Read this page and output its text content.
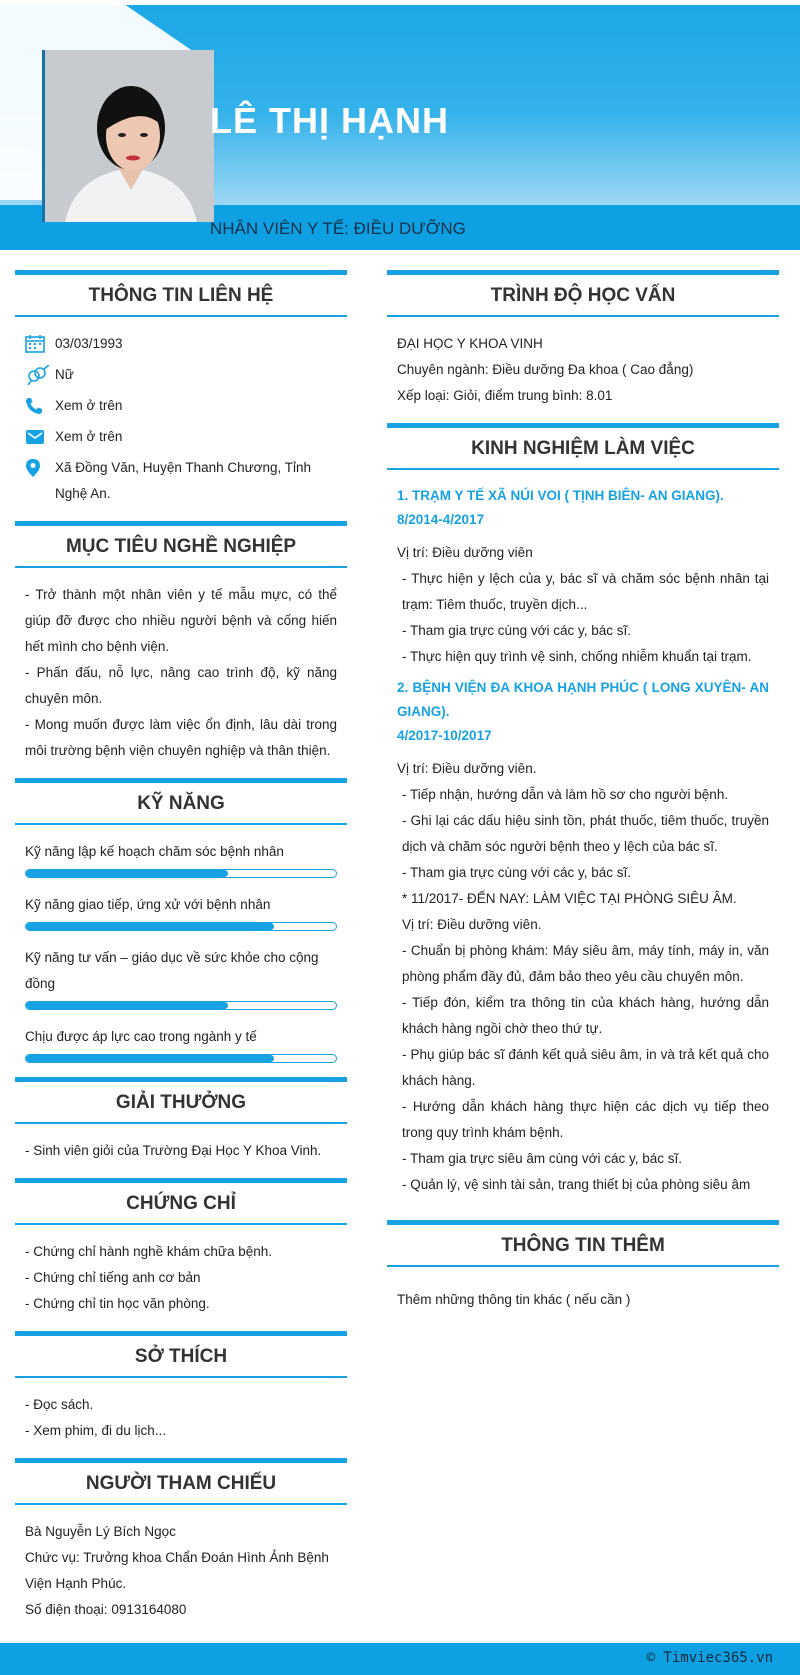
LÊ THỊ HẠNH
NHÂN VIÊN Y TẾ: ĐIỀU DƯỠNG
THÔNG TIN LIÊN HỆ
03/03/1993
Nữ
Xem ở trên
Xem ở trên
Xã Đồng Văn, Huyện Thanh Chương, Tỉnh Nghệ An.
MỤC TIÊU NGHỀ NGHIỆP
- Trở thành một nhân viên y tế mẫu mực, có thể giúp đỡ được cho nhiều người bệnh và cống hiến hết mình cho bệnh viện.
- Phấn đấu, nỗ lực, nâng cao trình độ, kỹ năng chuyên môn.
- Mong muốn được làm việc ổn định, lâu dài trong môi trường bệnh viện chuyên nghiệp và thân thiện.
KỸ NĂNG
Kỹ năng lập kế hoạch chăm sóc bệnh nhân
Kỹ năng giao tiếp, ứng xử với bệnh nhân
Kỹ năng tư vấn – giáo dục về sức khỏe cho cộng đồng
Chịu được áp lực cao trong ngành y tế
GIẢI THƯỞNG
- Sinh viên giỏi của Trường Đại Học Y Khoa Vinh.
CHỨNG CHỈ
- Chứng chỉ hành nghề khám chữa bệnh.
- Chứng chỉ tiếng anh cơ bản
- Chứng chỉ tin học văn phòng.
SỞ THÍCH
- Đọc sách.
- Xem phim, đi du lịch...
NGƯỜI THAM CHIẾU
Bà Nguyễn Lý Bích Ngọc
Chức vụ: Trưởng khoa Chẩn Đoán Hình Ảnh Bệnh Viện Hạnh Phúc.
Số điện thoại: 0913164080
TRÌNH ĐỘ HỌC VẤN
ĐẠI HỌC Y KHOA VINH
Chuyên ngành: Điều dưỡng Đa khoa ( Cao đẳng)
Xếp loại: Giỏi, điểm trung bình: 8.01
KINH NGHIỆM LÀM VIỆC
1. TRẠM Y TẾ XÃ NÚI VOI ( TỊNH BIÊN- AN GIANG).
8/2014-4/2017
Vị trí: Điều dưỡng viên
- Thực hiện y lệch của y, bác sĩ và chăm sóc bệnh nhân tại trạm: Tiêm thuốc, truyền dịch...
- Tham gia trực cùng với các y, bác sĩ.
- Thực hiện quy trình vệ sinh, chống nhiễm khuẩn tại trạm.
2. BỆNH VIỆN ĐA KHOA HẠNH PHÚC ( LONG XUYÊN- AN GIANG).
4/2017-10/2017
Vị trí: Điều dưỡng viên.
- Tiếp nhận, hướng dẫn và làm hồ sơ cho người bệnh.
- Ghi lại các dấu hiệu sinh tồn, phát thuốc, tiêm thuốc, truyền dịch và chăm sóc người bệnh theo y lệch của bác sĩ.
- Tham gia trực cùng với các y, bác sĩ.
* 11/2017- ĐẾN NAY: LÀM VIỆC TẠI PHÒNG SIÊU ÂM.
Vị trí: Điều dưỡng viên.
- Chuẩn bị phòng khám: Máy siêu âm, máy tính, máy in, văn phòng phẩm đầy đủ, đảm bảo theo yêu cầu chuyên môn.
- Tiếp đón, kiểm tra thông tin của khách hàng, hướng dẫn khách hàng ngồi chờ theo thứ tự.
- Phụ giúp bác sĩ đánh kết quả siêu âm, in và trả kết quả cho khách hàng.
- Hướng dẫn khách hàng thực hiện các dịch vụ tiếp theo trong quy trình khám bệnh.
- Tham gia trực siêu âm cùng với các y, bác sĩ.
- Quản lý, vệ sinh tài sản, trang thiết bị của phòng siêu âm
THÔNG TIN THÊM
Thêm những thông tin khác ( nếu cần )
© Timviec365.vn
